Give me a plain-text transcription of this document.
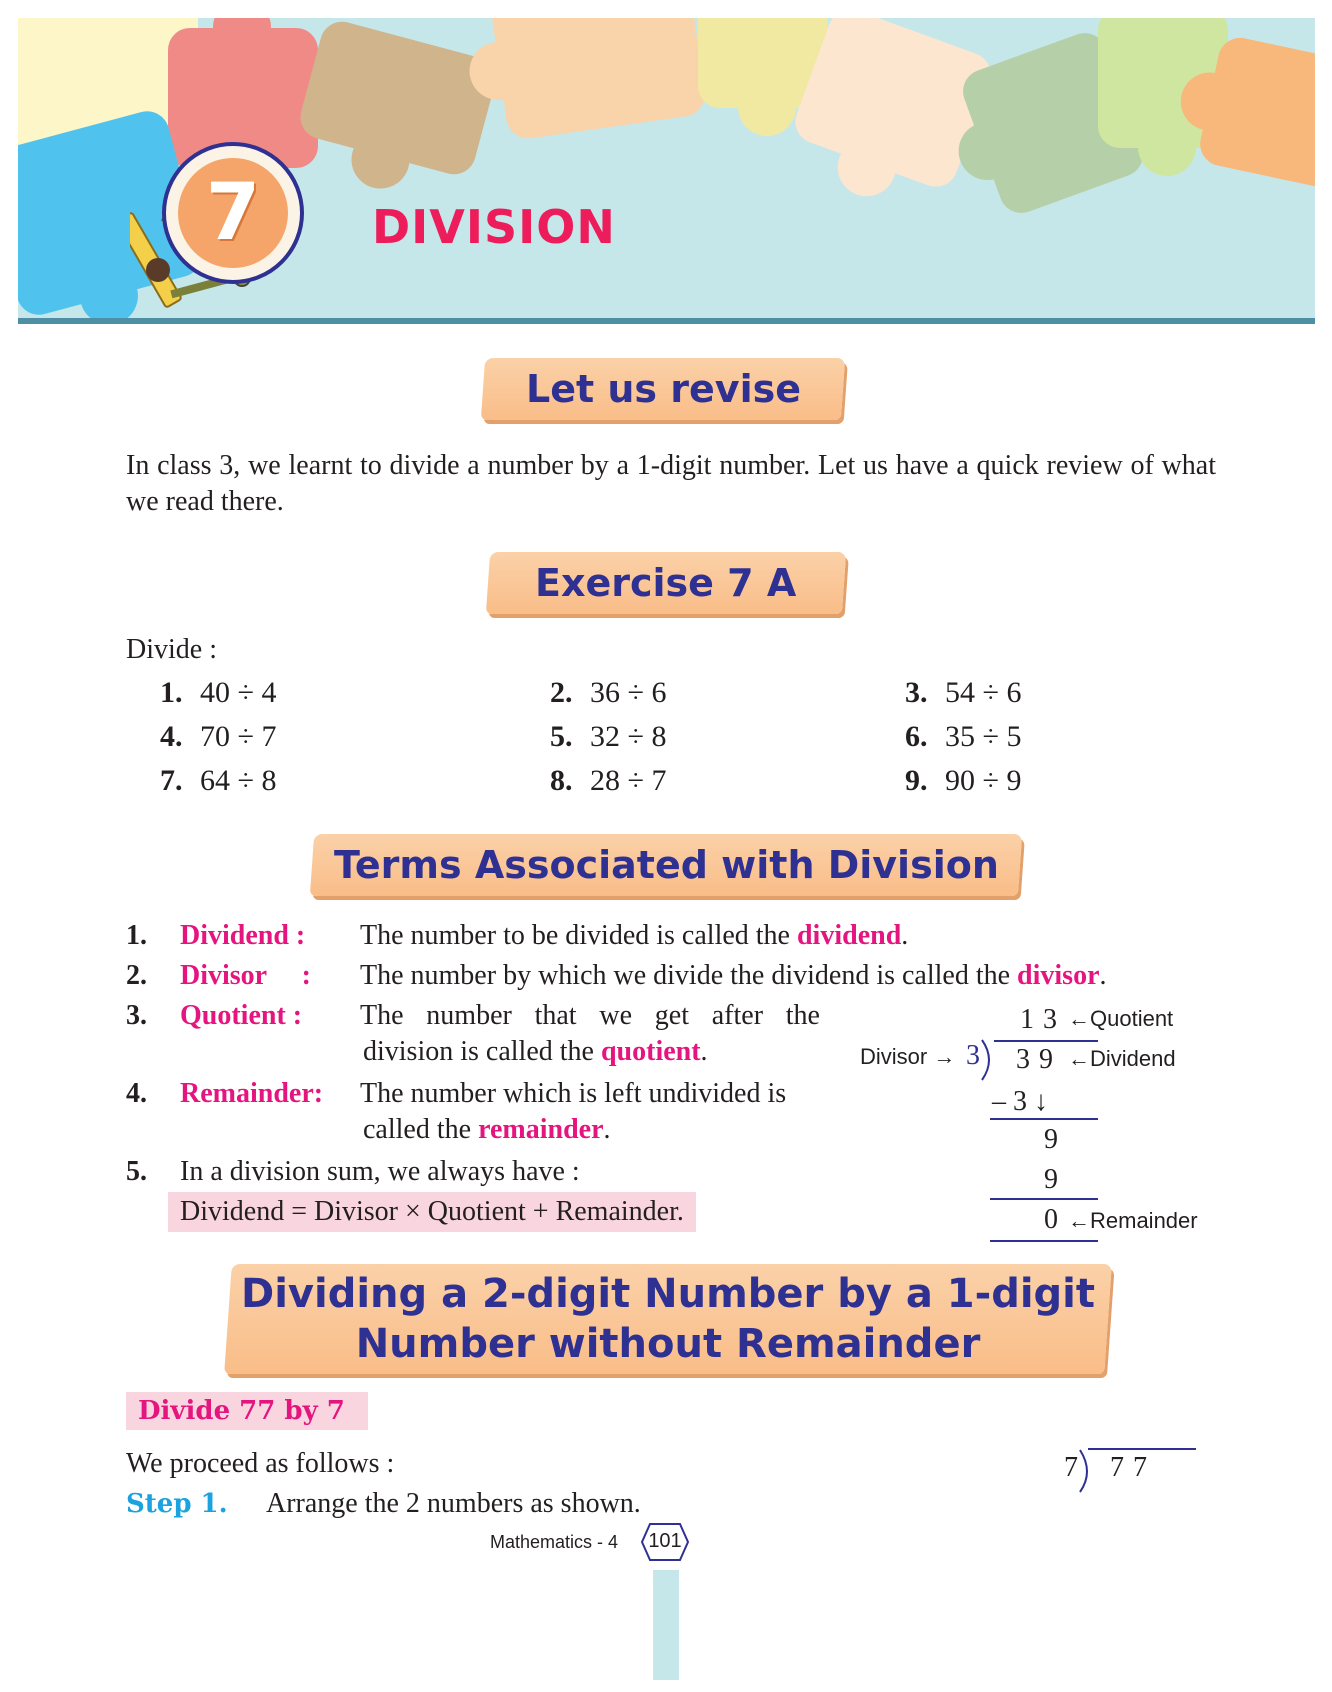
7 DIVISION
Let us revise
In class 3, we learnt to divide a number by a 1-digit number. Let us have a quick review of what we read there.
Exercise 7 A
Divide :
1. 40 ÷ 4	2. 36 ÷ 6	3. 54 ÷ 6
4. 70 ÷ 7	5. 32 ÷ 8	6. 35 ÷ 5
7. 64 ÷ 8	8. 28 ÷ 7	9. 90 ÷ 9
Terms Associated with Division
1. Dividend : The number to be divided is called the dividend.
2. Divisor     : The number by which we divide the dividend is called the divisor.
3. Quotient : The number that we get after the
division is called the quotient.
4. Remainder: The number which is left undivided is
called the remainder.
5. In a division sum, we always have :
Dividend = Divisor × Quotient + Remainder.
1 3 ←Quotient
Divisor → 3 3 9 ←Dividend
– 3 ↓
9
9
0 ←Remainder
Dividing a 2-digit Number by a 1-digit
Number without Remainder
Divide 77 by 7
We proceed as follows :
Step 1. Arrange the 2 numbers as shown.
7 7 7
Mathematics - 4	101
